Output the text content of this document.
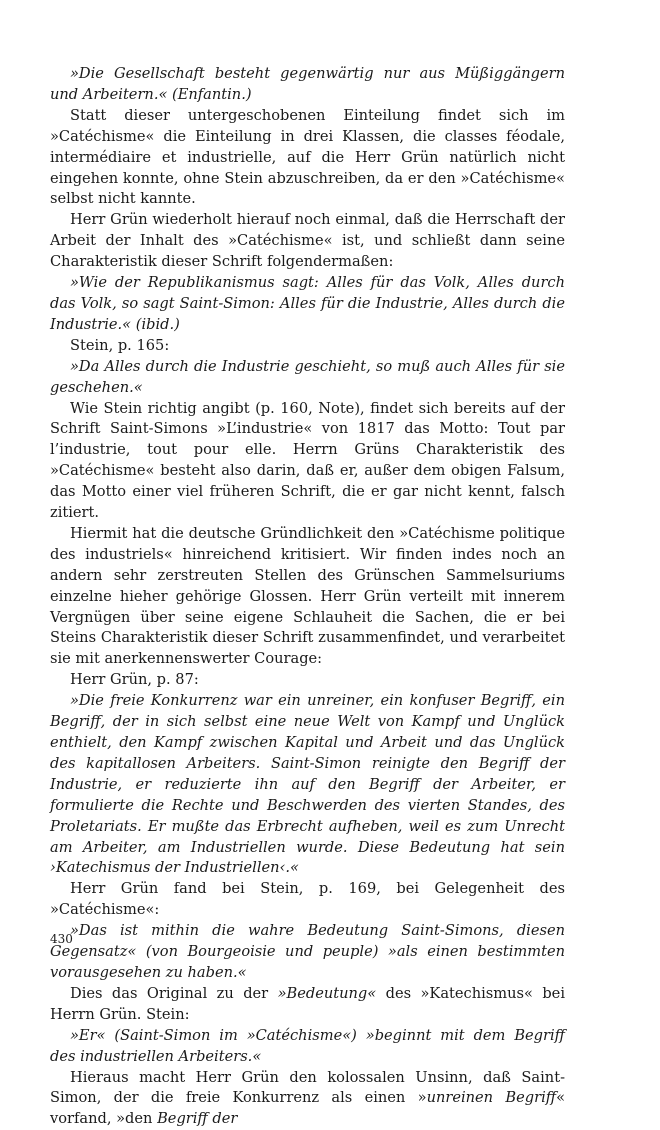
»Die Gesellschaft besteht gegenwärtig nur aus Müßiggängern und Arbeitern.« (Enfantin.)

Statt dieser untergeschobenen Einteilung findet sich im »Catéchisme« die Einteilung in drei Klassen, die classes féodale, intermédiaire et industrielle, auf die Herr Grün natürlich nicht eingehen konnte, ohne Stein abzuschreiben, da er den »Catéchisme« selbst nicht kannte.

Herr Grün wiederholt hierauf noch einmal, daß die Herrschaft der Arbeit der Inhalt des »Catéchisme« ist, und schließt dann seine Charakteristik dieser Schrift folgendermaßen:

»Wie der Republikanismus sagt: Alles für das Volk, Alles durch das Volk, so sagt Saint-Simon: Alles für die Industrie, Alles durch die Industrie.« (ibid.)

Stein, p. 165:

»Da Alles durch die Industrie geschieht, so muß auch Alles für sie geschehen.«

Wie Stein richtig angibt (p. 160, Note), findet sich bereits auf der Schrift Saint-Simons »L’industrie« von 1817 das Motto: Tout par l’industrie, tout pour elle. Herrn Grüns Charakteristik des »Catéchisme« besteht also darin, daß er, außer dem obigen Falsum, das Motto einer viel früheren Schrift, die er gar nicht kennt, falsch zitiert.

Hiermit hat die deutsche Gründlichkeit den »Catéchisme politique des industriels« hinreichend kritisiert. Wir finden indes noch an andern sehr zerstreuten Stellen des Grünschen Sammelsuriums einzelne hieher gehörige Glossen. Herr Grün verteilt mit innerem Vergnügen über seine eigene Schlauheit die Sachen, die er bei Steins Charakteristik dieser Schrift zusammenfindet, und verarbeitet sie mit anerkennenswerter Courage:

Herr Grün, p. 87:

»Die freie Konkurrenz war ein unreiner, ein konfuser Begriff, ein Begriff, der in sich selbst eine neue Welt von Kampf und Unglück enthielt, den Kampf zwischen Kapital und Arbeit und das Unglück des kapitallosen Arbeiters. Saint-Simon reinigte den Begriff der Industrie, er reduzierte ihn auf den Begriff der Arbeiter, er formulierte die Rechte und Beschwerden des vierten Standes, des Proletariats. Er mußte das Erbrecht aufheben, weil es zum Unrecht am Arbeiter, am Industriellen wurde. Diese Bedeutung hat sein ›Katechismus der Industriellen‹.«

Herr Grün fand bei Stein, p. 169, bei Gelegenheit des »Catéchisme«:

»Das ist mithin die wahre Bedeutung Saint-Simons, diesen Gegensatz« (von Bourgeoisie und peuple) »als einen bestimmten vorausgesehen zu haben.«

Dies das Original zu der »Bedeutung« des »Katechismus« bei Herrn Grün. Stein:

»Er« (Saint-Simon im »Catéchisme«) »beginnt mit dem Begriff des industriellen Arbeiters.«

Hieraus macht Herr Grün den kolossalen Unsinn, daß Saint-Simon, der die freie Konkurrenz als einen »unreinen Begriff« vorfand, »den Begriff der

430
